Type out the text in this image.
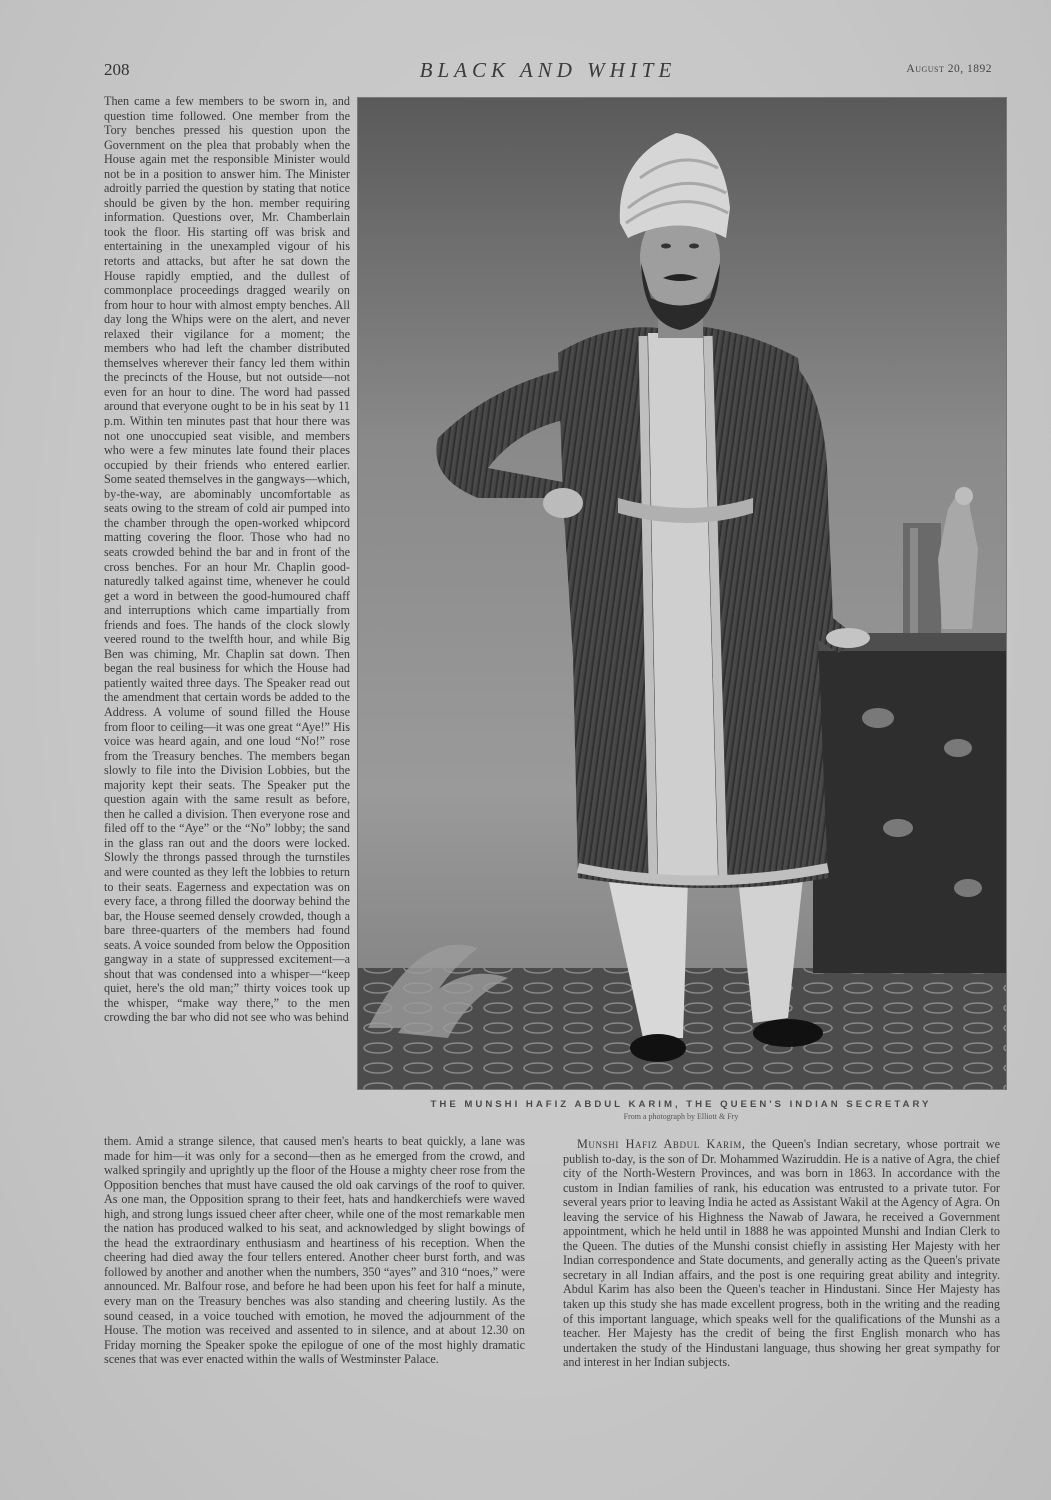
208	BLACK AND WHITE	August 20, 1892

Then came a few members to be sworn in, and question time followed. One member from the Tory benches pressed his question upon the Government on the plea that probably when the House again met the responsible Minister would not be in a position to answer him. The Minister adroitly parried the question by stating that notice should be given by the hon. member requiring information. Questions over, Mr. Chamberlain took the floor. His starting off was brisk and entertaining in the unexampled vigour of his retorts and attacks, but after he sat down the House rapidly emptied, and the dullest of commonplace proceedings dragged wearily on from hour to hour with almost empty benches. All day long the Whips were on the alert, and never relaxed their vigilance for a moment; the members who had left the chamber distributed themselves wherever their fancy led them within the precincts of the House, but not outside—not even for an hour to dine. The word had passed around that everyone ought to be in his seat by 11 p.m. Within ten minutes past that hour there was not one unoccupied seat visible, and members who were a few minutes late found their places occupied by their friends who entered earlier. Some seated themselves in the gangways—which, by-the-way, are abominably uncomfortable as seats owing to the stream of cold air pumped into the chamber through the open-worked whipcord matting covering the floor. Those who had no seats crowded behind the bar and in front of the cross benches. For an hour Mr. Chaplin good-naturedly talked against time, whenever he could get a word in between the good-humoured chaff and interruptions which came impartially from friends and foes. The hands of the clock slowly veered round to the twelfth hour, and while Big Ben was chiming, Mr. Chaplin sat down. Then began the real business for which the House had patiently waited three days. The Speaker read out the amendment that certain words be added to the Address. A volume of sound filled the House from floor to ceiling—it was one great “Aye!” His voice was heard again, and one loud “No!” rose from the Treasury benches. The members began slowly to file into the Division Lobbies, but the majority kept their seats. The Speaker put the question again with the same result as before, then he called a division. Then everyone rose and filed off to the “Aye” or the “No” lobby; the sand in the glass ran out and the doors were locked. Slowly the throngs passed through the turnstiles and were counted as they left the lobbies to return to their seats. Eagerness and expectation was on every face, a throng filled the doorway behind the bar, the House seemed densely crowded, though a bare three-quarters of the members had found seats. A voice sounded from below the Opposition gangway in a state of suppressed excitement—a shout that was condensed into a whisper—“keep quiet, here's the old man;” thirty voices took up the whisper, “make way there,” to the men crowding the bar who did not see who was behind

THE MUNSHI HAFIZ ABDUL KARIM, THE QUEEN'S INDIAN SECRETARY
From a photograph by Elliott & Fry

them. Amid a strange silence, that caused men's hearts to beat quickly, a lane was made for him—it was only for a second—then as he emerged from the crowd, and walked springily and uprightly up the floor of the House a mighty cheer rose from the Opposition benches that must have caused the old oak carvings of the roof to quiver. As one man, the Opposition sprang to their feet, hats and handkerchiefs were waved high, and strong lungs issued cheer after cheer, while one of the most remarkable men the nation has produced walked to his seat, and acknowledged by slight bowings of the head the extraordinary enthusiasm and heartiness of his reception. When the cheering had died away the four tellers entered. Another cheer burst forth, and was followed by another and another when the numbers, 350 “ayes” and 310 “noes,” were announced. Mr. Balfour rose, and before he had been upon his feet for half a minute, every man on the Treasury benches was also standing and cheering lustily. As the sound ceased, in a voice touched with emotion, he moved the adjournment of the House. The motion was received and assented to in silence, and at about 12.30 on Friday morning the Speaker spoke the epilogue of one of the most highly dramatic scenes that was ever enacted within the walls of Westminster Palace.

Munshi Hafiz Abdul Karim, the Queen's Indian secretary, whose portrait we publish to-day, is the son of Dr. Mohammed Waziruddin. He is a native of Agra, the chief city of the North-Western Provinces, and was born in 1863. In accordance with the custom in Indian families of rank, his education was entrusted to a private tutor. For several years prior to leaving India he acted as Assistant Wakil at the Agency of Agra. On leaving the service of his Highness the Nawab of Jawara, he received a Government appointment, which he held until in 1888 he was appointed Munshi and Indian Clerk to the Queen. The duties of the Munshi consist chiefly in assisting Her Majesty with her Indian correspondence and State documents, and generally acting as the Queen's private secretary in all Indian affairs, and the post is one requiring great ability and integrity. Abdul Karim has also been the Queen's teacher in Hindustani. Since Her Majesty has taken up this study she has made excellent progress, both in the writing and the reading of this important language, which speaks well for the qualifications of the Munshi as a teacher. Her Majesty has the credit of being the first English monarch who has undertaken the study of the Hindustani language, thus showing her great sympathy for and interest in her Indian subjects.
